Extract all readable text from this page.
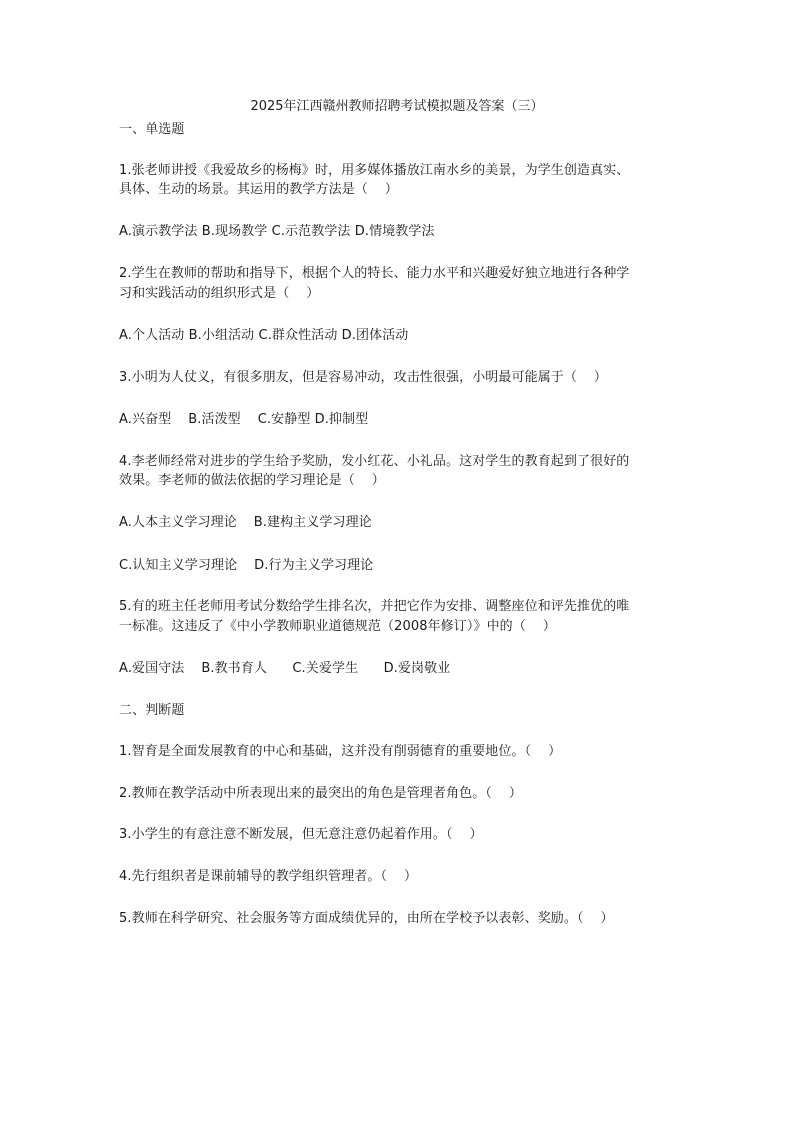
2025年江西赣州教师招聘考试模拟题及答案（三）
一、单选题
1.张老师讲授《我爱故乡的杨梅》时，用多媒体播放江南水乡的美景，为学生创造真实、
具体、生动的场景。其运用的教学方法是（    ）
A.演示教学法 B.现场教学 C.示范教学法 D.情境教学法
2.学生在教师的帮助和指导下，根据个人的特长、能力水平和兴趣爱好独立地进行各种学
习和实践活动的组织形式是（    ）
A.个人活动 B.小组活动 C.群众性活动 D.团体活动
3.小明为人仗义，有很多朋友，但是容易冲动，攻击性很强，小明最可能属于（    ）
A.兴奋型    B.活泼型    C.安静型 D.抑制型
4.李老师经常对进步的学生给予奖励，发小红花、小礼品。这对学生的教育起到了很好的
效果。李老师的做法依据的学习理论是（    ）
A.人本主义学习理论    B.建构主义学习理论
C.认知主义学习理论    D.行为主义学习理论
5.有的班主任老师用考试分数给学生排名次，并把它作为安排、调整座位和评先推优的唯
一标准。这违反了《中小学教师职业道德规范（2008年修订）》中的（    ）
A.爱国守法    B.教书育人      C.关爱学生      D.爱岗敬业
二、判断题
1.智育是全面发展教育的中心和基础，这并没有削弱德育的重要地位。（    ）
2.教师在教学活动中所表现出来的最突出的角色是管理者角色。（    ）
3.小学生的有意注意不断发展，但无意注意仍起着作用。（    ）
4.先行组织者是课前辅导的教学组织管理者。（    ）
5.教师在科学研究、社会服务等方面成绩优异的，由所在学校予以表彰、奖励。（    ）
